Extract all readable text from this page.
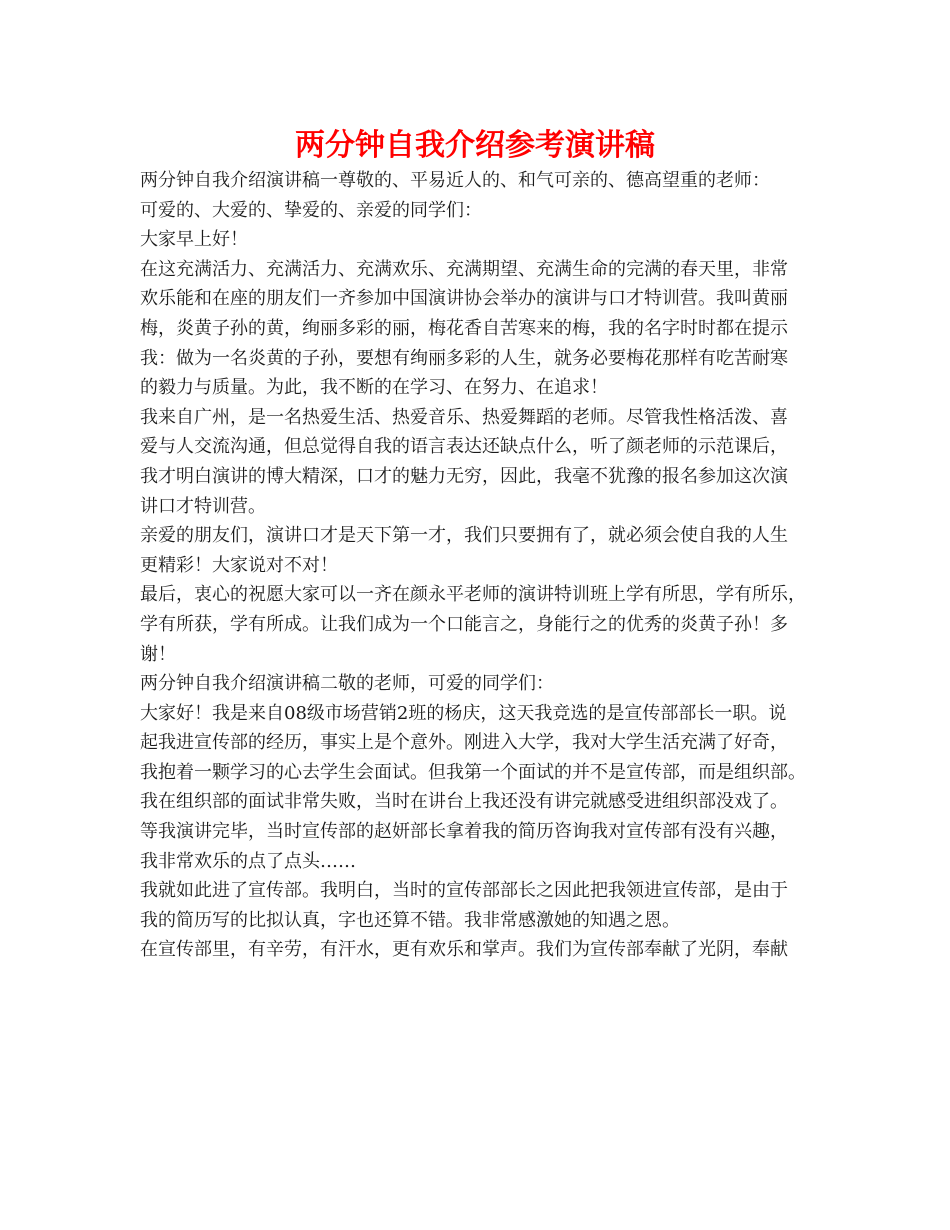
两分钟自我介绍参考演讲稿
两分钟自我介绍演讲稿一尊敬的、平易近人的、和气可亲的、德高望重的老师：
可爱的、大爱的、挚爱的、亲爱的同学们：
大家早上好！
在这充满活力、充满活力、充满欢乐、充满期望、充满生命的完满的春天里，非常
欢乐能和在座的朋友们一齐参加中国演讲协会举办的演讲与口才特训营。我叫黄丽
梅，炎黄子孙的黄，绚丽多彩的丽，梅花香自苦寒来的梅，我的名字时时都在提示
我：做为一名炎黄的子孙，要想有绚丽多彩的人生，就务必要梅花那样有吃苦耐寒
的毅力与质量。为此，我不断的在学习、在努力、在追求！
我来自广州，是一名热爱生活、热爱音乐、热爱舞蹈的老师。尽管我性格活泼、喜
爱与人交流沟通，但总觉得自我的语言表达还缺点什么，听了颜老师的示范课后，
我才明白演讲的博大精深，口才的魅力无穷，因此，我毫不犹豫的报名参加这次演
讲口才特训营。
亲爱的朋友们，演讲口才是天下第一才，我们只要拥有了，就必须会使自我的人生
更精彩！大家说对不对！
最后，衷心的祝愿大家可以一齐在颜永平老师的演讲特训班上学有所思，学有所乐，
学有所获，学有所成。让我们成为一个口能言之，身能行之的优秀的炎黄子孙！多
谢！
两分钟自我介绍演讲稿二敬的老师，可爱的同学们：
大家好！我是来自08级市场营销2班的杨庆，这天我竞选的是宣传部部长一职。说
起我进宣传部的经历，事实上是个意外。刚进入大学，我对大学生活充满了好奇，
我抱着一颗学习的心去学生会面试。但我第一个面试的并不是宣传部，而是组织部。
我在组织部的面试非常失败，当时在讲台上我还没有讲完就感受进组织部没戏了。
等我演讲完毕，当时宣传部的赵妍部长拿着我的简历咨询我对宣传部有没有兴趣，
我非常欢乐的点了点头……
我就如此进了宣传部。我明白，当时的宣传部部长之因此把我领进宣传部，是由于
我的简历写的比拟认真，字也还算不错。我非常感激她的知遇之恩。
在宣传部里，有辛劳，有汗水，更有欢乐和掌声。我们为宣传部奉献了光阴，奉献
